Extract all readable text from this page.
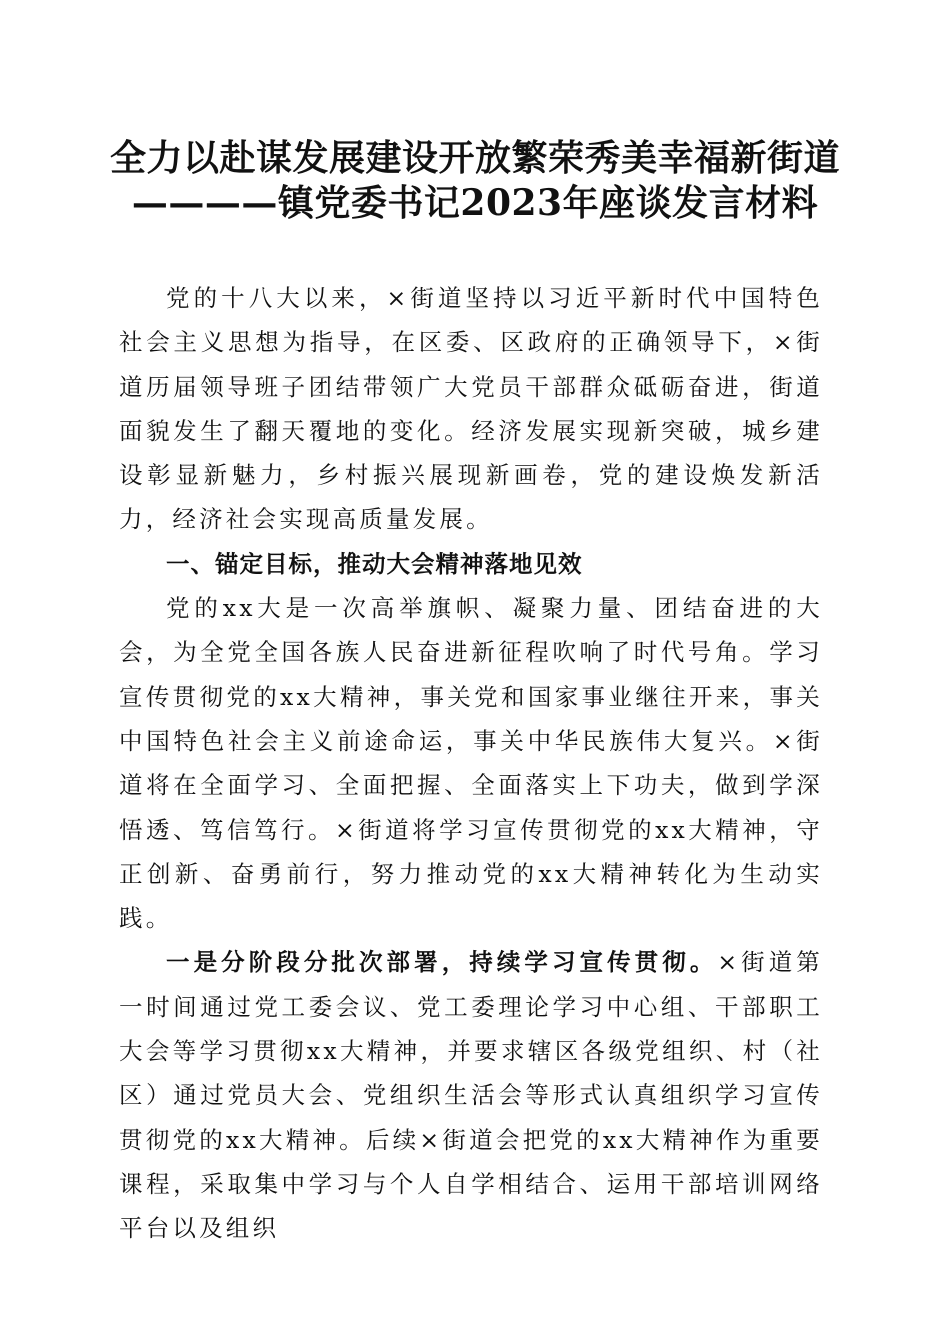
全力以赴谋发展建设开放繁荣秀美幸福新街道
————镇党委书记2023年座谈发言材料

党的十八大以来，×街道坚持以习近平新时代中国特色社会主义思想为指导，在区委、区政府的正确领导下，×街道历届领导班子团结带领广大党员干部群众砥砺奋进，街道面貌发生了翻天覆地的变化。经济发展实现新突破，城乡建设彰显新魅力，乡村振兴展现新画卷，党的建设焕发新活力，经济社会实现高质量发展。

一、锚定目标，推动大会精神落地见效

党的xx大是一次高举旗帜、凝聚力量、团结奋进的大会，为全党全国各族人民奋进新征程吹响了时代号角。学习宣传贯彻党的xx大精神，事关党和国家事业继往开来，事关中国特色社会主义前途命运，事关中华民族伟大复兴。×街道将在全面学习、全面把握、全面落实上下功夫，做到学深悟透、笃信笃行。×街道将学习宣传贯彻党的xx大精神，守正创新、奋勇前行，努力推动党的xx大精神转化为生动实践。

一是分阶段分批次部署，持续学习宣传贯彻。×街道第一时间通过党工委会议、党工委理论学习中心组、干部职工大会等学习贯彻xx大精神，并要求辖区各级党组织、村（社区）通过党员大会、党组织生活会等形式认真组织学习宣传贯彻党的xx大精神。后续×街道会把党的xx大精神作为重要课程，采取集中学习与个人自学相结合、运用干部培训网络平台以及组织
